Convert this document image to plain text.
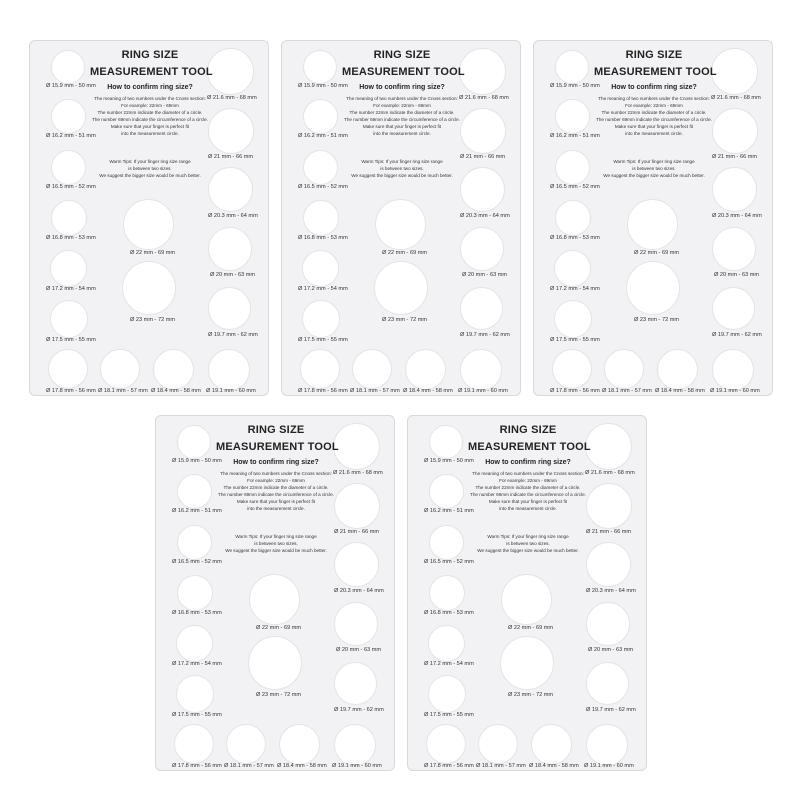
Ø 15.9 mm - 50 mm
Ø 16.2 mm - 51 mm
Ø 16.5 mm - 52 mm
Ø 16.8 mm - 53 mm
Ø 17.2 mm - 54 mm
Ø 17.5 mm - 55 mm
Ø 17.8 mm - 56 mm Ø 18.1 mm - 57 mm Ø 18.4 mm - 58 mm Ø 19.1 mm - 60 mm
Ø 21.6 mm - 68 mm
Ø 21 mm - 66 mm
Ø 20.3 mm - 64 mm
Ø 20 mm - 63 mm
Ø 19.7 mm - 62 mm
Ø 22 mm - 69 mm
Ø 23 mm - 72 mm
RING SIZE
MEASUREMENT TOOL
How to confirm ring size?
The meaning of two numbers under the Cnoss section:
For example: 22mm - 69mm
The number 22mm indicate the diameter of a circle.
The number 69mm indicate the circumference of a circle.
Make sure that your finger is perfect fit
into the measurement circle.
Warm Tips: If your finger ring size range
is between two sizes.
We suggest the bigger size would be much better.
Ø 15.9 mm - 50 mm
Ø 16.2 mm - 51 mm
Ø 16.5 mm - 52 mm
Ø 16.8 mm - 53 mm
Ø 17.2 mm - 54 mm
Ø 17.5 mm - 55 mm
Ø 17.8 mm - 56 mm Ø 18.1 mm - 57 mm Ø 18.4 mm - 58 mm Ø 19.1 mm - 60 mm
Ø 21.6 mm - 68 mm
Ø 21 mm - 66 mm
Ø 20.3 mm - 64 mm
Ø 20 mm - 63 mm
Ø 19.7 mm - 62 mm
Ø 22 mm - 69 mm
Ø 23 mm - 72 mm
RING SIZE
MEASUREMENT TOOL
How to confirm ring size?
The meaning of two numbers under the Cnoss section:
For example: 22mm - 69mm
The number 22mm indicate the diameter of a circle.
The number 69mm indicate the circumference of a circle.
Make sure that your finger is perfect fit
into the measurement circle.
Warm Tips: If your finger ring size range
is between two sizes.
We suggest the bigger size would be much better.
Ø 15.9 mm - 50 mm
Ø 16.2 mm - 51 mm
Ø 16.5 mm - 52 mm
Ø 16.8 mm - 53 mm
Ø 17.2 mm - 54 mm
Ø 17.5 mm - 55 mm
Ø 17.8 mm - 56 mm Ø 18.1 mm - 57 mm Ø 18.4 mm - 58 mm Ø 19.1 mm - 60 mm
Ø 21.6 mm - 68 mm
Ø 21 mm - 66 mm
Ø 20.3 mm - 64 mm
Ø 20 mm - 63 mm
Ø 19.7 mm - 62 mm
Ø 22 mm - 69 mm
Ø 23 mm - 72 mm
RING SIZE
MEASUREMENT TOOL
How to confirm ring size?
The meaning of two numbers under the Cnoss section:
For example: 22mm - 69mm
The number 22mm indicate the diameter of a circle.
The number 69mm indicate the circumference of a circle.
Make sure that your finger is perfect fit
into the measurement circle.
Warm Tips: If your finger ring size range
is between two sizes.
We suggest the bigger size would be much better.
Ø 15.9 mm - 50 mm
Ø 16.2 mm - 51 mm
Ø 16.5 mm - 52 mm
Ø 16.8 mm - 53 mm
Ø 17.2 mm - 54 mm
Ø 17.5 mm - 55 mm
Ø 17.8 mm - 56 mm Ø 18.1 mm - 57 mm Ø 18.4 mm - 58 mm Ø 19.1 mm - 60 mm
Ø 21.6 mm - 68 mm
Ø 21 mm - 66 mm
Ø 20.3 mm - 64 mm
Ø 20 mm - 63 mm
Ø 19.7 mm - 62 mm
Ø 22 mm - 69 mm
Ø 23 mm - 72 mm
RING SIZE
MEASUREMENT TOOL
How to confirm ring size?
The meaning of two numbers under the Cnoss section:
For example: 22mm - 69mm
The number 22mm indicate the diameter of a circle.
The number 69mm indicate the circumference of a circle.
Make sure that your finger is perfect fit
into the measurement circle.
Warm Tips: If your finger ring size range
is between two sizes.
We suggest the bigger size would be much better.
Ø 15.9 mm - 50 mm
Ø 16.2 mm - 51 mm
Ø 16.5 mm - 52 mm
Ø 16.8 mm - 53 mm
Ø 17.2 mm - 54 mm
Ø 17.5 mm - 55 mm
Ø 17.8 mm - 56 mm Ø 18.1 mm - 57 mm Ø 18.4 mm - 58 mm Ø 19.1 mm - 60 mm
Ø 21.6 mm - 68 mm
Ø 21 mm - 66 mm
Ø 20.3 mm - 64 mm
Ø 20 mm - 63 mm
Ø 19.7 mm - 62 mm
Ø 22 mm - 69 mm
Ø 23 mm - 72 mm
RING SIZE
MEASUREMENT TOOL
How to confirm ring size?
The meaning of two numbers under the Cnoss section:
For example: 22mm - 69mm
The number 22mm indicate the diameter of a circle.
The number 69mm indicate the circumference of a circle.
Make sure that your finger is perfect fit
into the measurement circle.
Warm Tips: If your finger ring size range
is between two sizes.
We suggest the bigger size would be much better.
